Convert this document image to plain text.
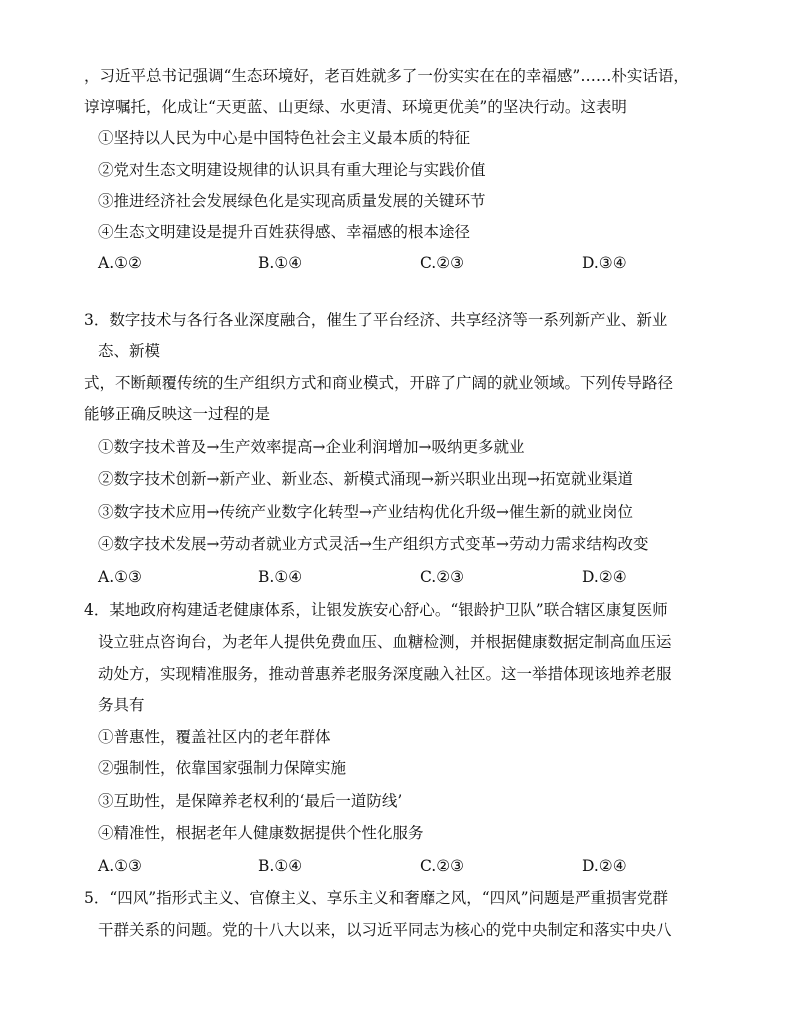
，习近平总书记强调“生态环境好，老百姓就多了一份实实在在的幸福感”……朴实话语，
谆谆嘱托，化成让“天更蓝、山更绿、水更清、环境更优美”的坚决行动。这表明
①坚持以人民为中心是中国特色社会主义最本质的特征
②党对生态文明建设规律的认识具有重大理论与实践价值
③推进经济社会发展绿色化是实现高质量发展的关键环节
④生态文明建设是提升百姓获得感、幸福感的根本途径
A.①②	B.①④	C.②③	D.③④
3．数字技术与各行各业深度融合，催生了平台经济、共享经济等一系列新产业、新业
态、新模
式，不断颠覆传统的生产组织方式和商业模式，开辟了广阔的就业领域。下列传导路径
能够正确反映这一过程的是
①数字技术普及→生产效率提高→企业利润增加→吸纳更多就业
②数字技术创新→新产业、新业态、新模式涌现→新兴职业出现→拓宽就业渠道
③数字技术应用→传统产业数字化转型→产业结构优化升级→催生新的就业岗位
④数字技术发展→劳动者就业方式灵活→生产组织方式变革→劳动力需求结构改变
A.①③	B.①④	C.②③	D.②④
4．某地政府构建适老健康体系，让银发族安心舒心。“银龄护卫队”联合辖区康复医师
设立驻点咨询台，为老年人提供免费血压、血糖检测，并根据健康数据定制高血压运
动处方，实现精准服务，推动普惠养老服务深度融入社区。这一举措体现该地养老服
务具有
①普惠性，覆盖社区内的老年群体
②强制性，依靠国家强制力保障实施
③互助性，是保障养老权利的‘最后一道防线’
④精准性，根据老年人健康数据提供个性化服务
A.①③	B.①④	C.②③	D.②④
5．“四风”指形式主义、官僚主义、享乐主义和奢靡之风，“四风”问题是严重损害党群
干群关系的问题。党的十八大以来，以习近平同志为核心的党中央制定和落实中央八
